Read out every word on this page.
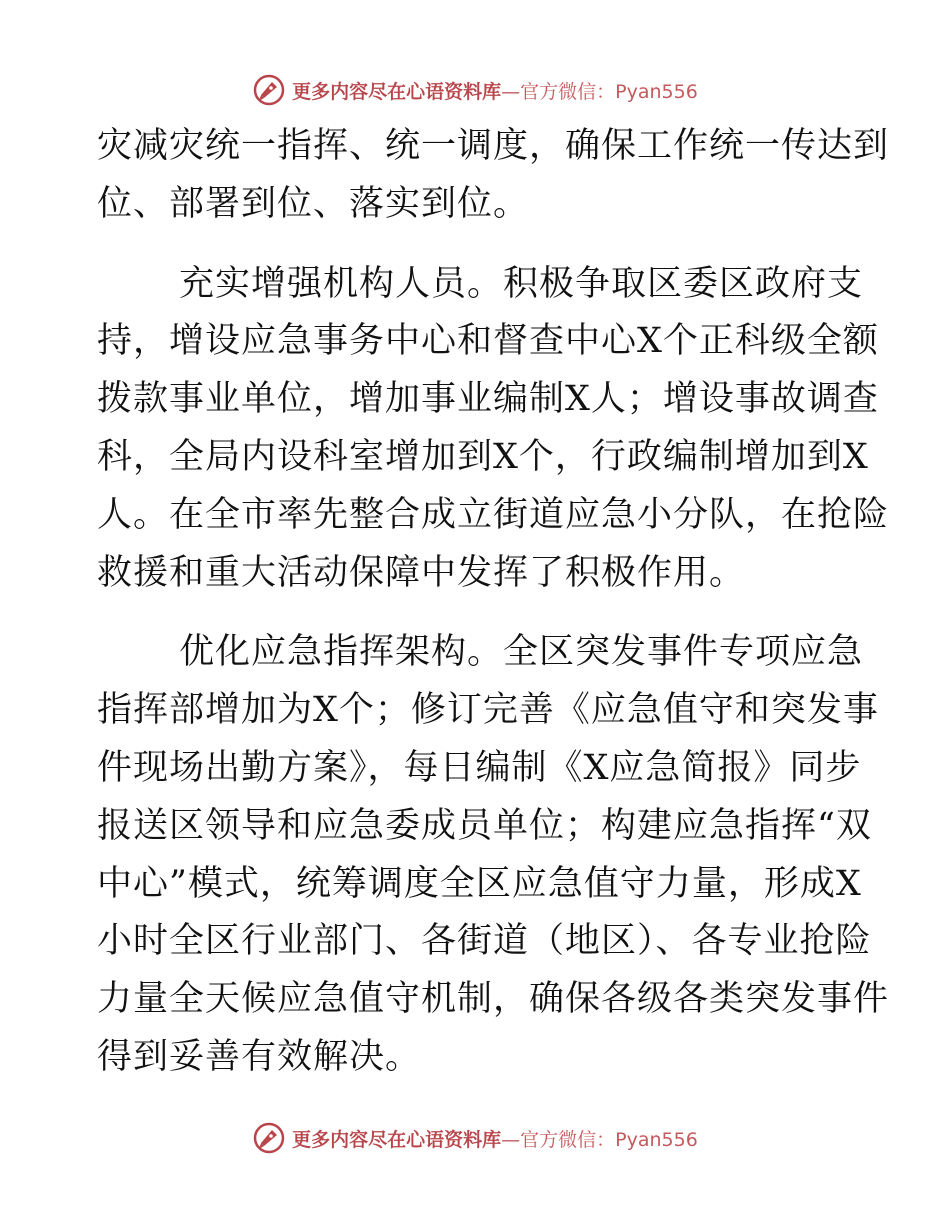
更多内容尽在心语资料库—官方微信：Pyan556
灾减灾统一指挥、统一调度，确保工作统一传达到
位、部署到位、落实到位。
充实增强机构人员。积极争取区委区政府支
持，增设应急事务中心和督查中心X个正科级全额
拨款事业单位，增加事业编制X人；增设事故调查
科，全局内设科室增加到X个，行政编制增加到X
人。在全市率先整合成立街道应急小分队，在抢险
救援和重大活动保障中发挥了积极作用。
优化应急指挥架构。全区突发事件专项应急
指挥部增加为X个；修订完善《应急值守和突发事
件现场出勤方案》，每日编制《X应急简报》同步
报送区领导和应急委成员单位；构建应急指挥“双
中心”模式，统筹调度全区应急值守力量，形成X
小时全区行业部门、各街道（地区）、各专业抢险
力量全天候应急值守机制，确保各级各类突发事件
得到妥善有效解决。
更多内容尽在心语资料库—官方微信：Pyan556
